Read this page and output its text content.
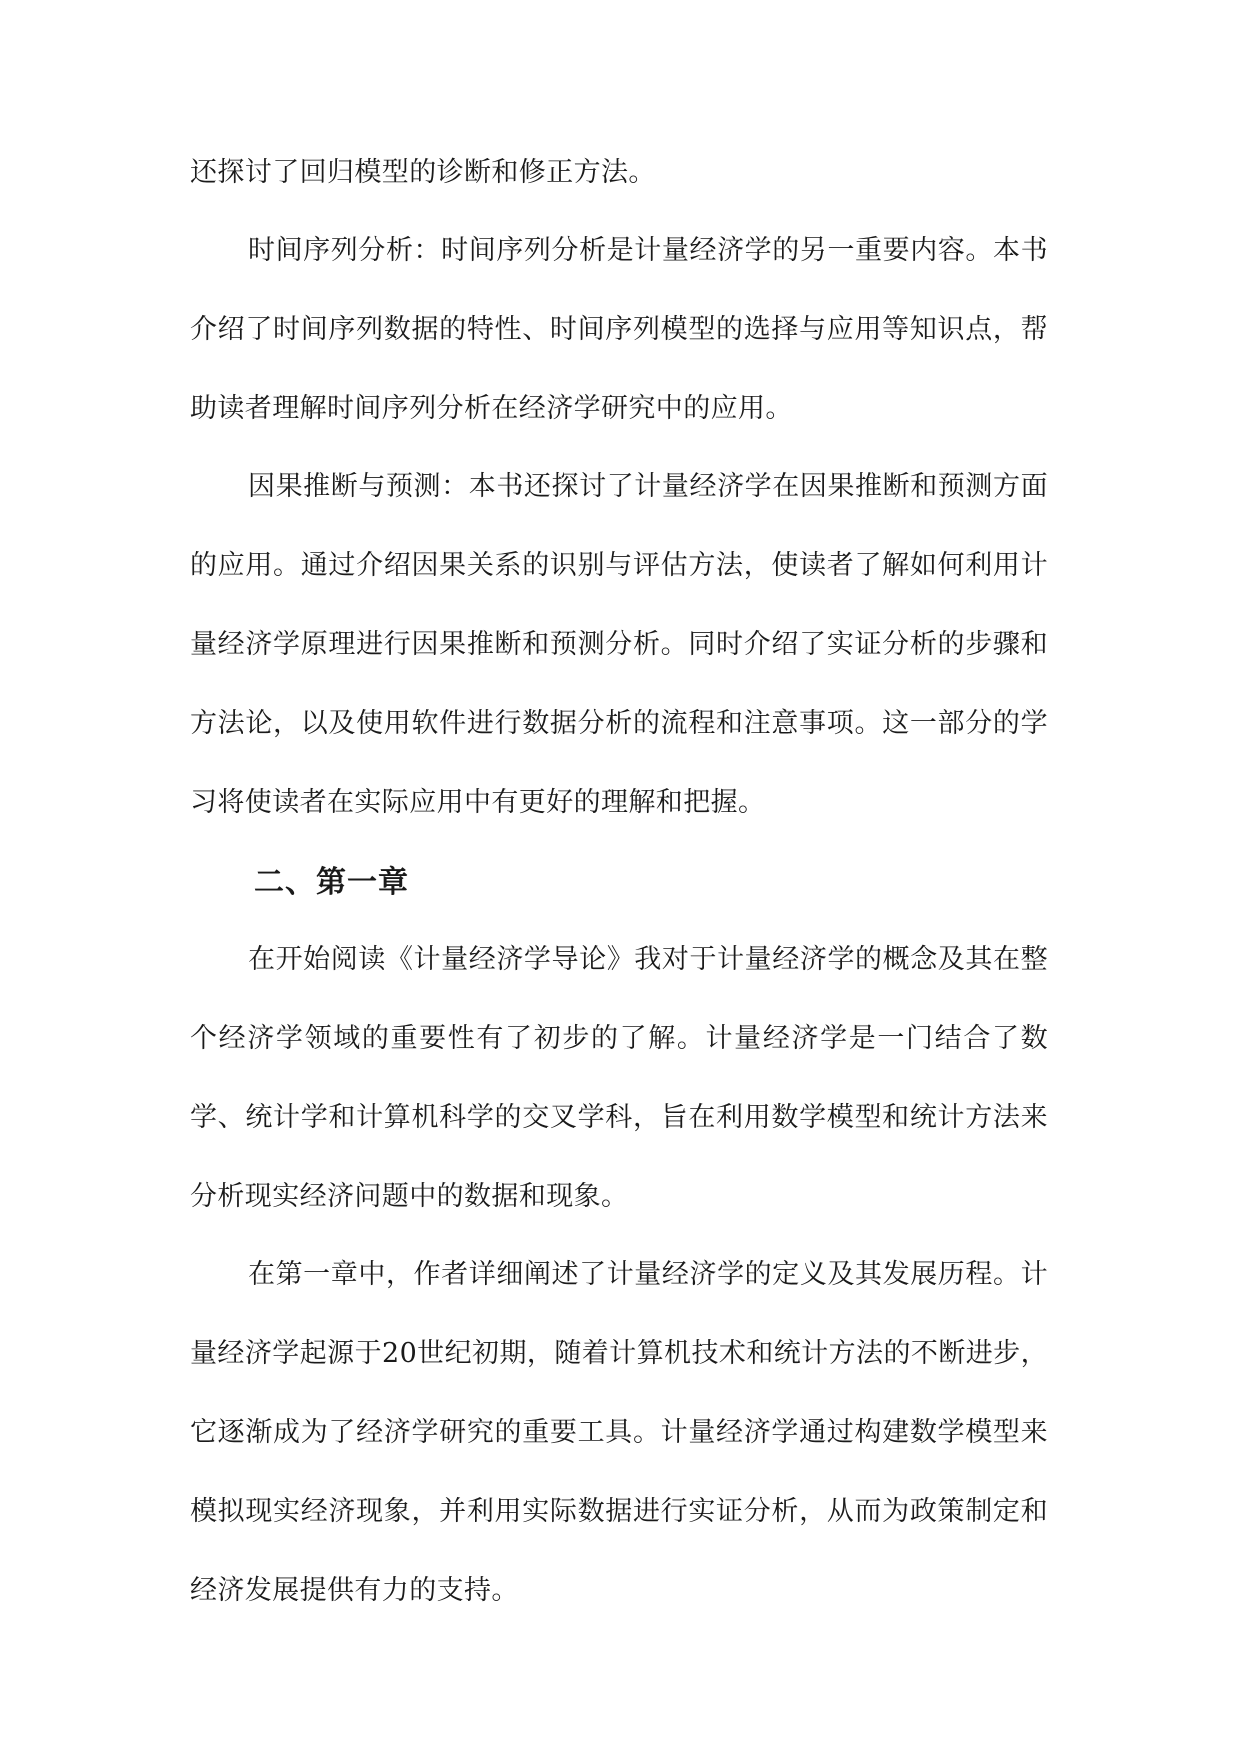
还探讨了回归模型的诊断和修正方法。

时间序列分析：时间序列分析是计量经济学的另一重要内容。本书介绍了时间序列数据的特性、时间序列模型的选择与应用等知识点，帮助读者理解时间序列分析在经济学研究中的应用。

因果推断与预测：本书还探讨了计量经济学在因果推断和预测方面的应用。通过介绍因果关系的识别与评估方法，使读者了解如何利用计量经济学原理进行因果推断和预测分析。同时介绍了实证分析的步骤和方法论，以及使用软件进行数据分析的流程和注意事项。这一部分的学习将使读者在实际应用中有更好的理解和把握。

二、第一章

在开始阅读《计量经济学导论》我对于计量经济学的概念及其在整个经济学领域的重要性有了初步的了解。计量经济学是一门结合了数学、统计学和计算机科学的交叉学科，旨在利用数学模型和统计方法来分析现实经济问题中的数据和现象。

在第一章中，作者详细阐述了计量经济学的定义及其发展历程。计量经济学起源于20世纪初期，随着计算机技术和统计方法的不断进步，它逐渐成为了经济学研究的重要工具。计量经济学通过构建数学模型来模拟现实经济现象，并利用实际数据进行实证分析，从而为政策制定和经济发展提供有力的支持。
